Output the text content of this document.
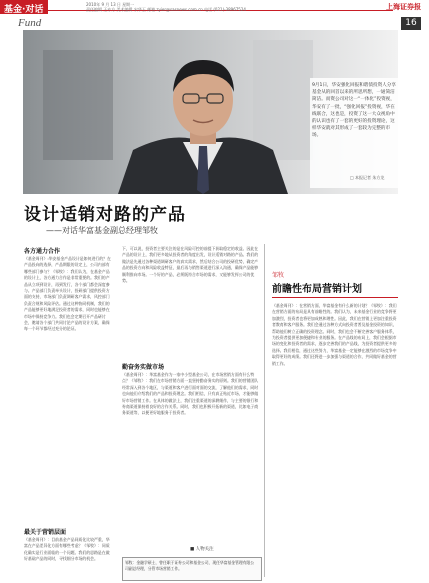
基金·对话
2010年 9 月 13 日 星期一
责任编辑 王亦方 美术编辑 宋华玉 邮箱 zyier@sasnews.com.cn 电话 (021)-38967524	上海证券报
Fund	16
9月1日，华安强化回报和谐债投资人分享基金从的回首以来的所思所想，一通简洁简洁。而资公司对这一“一体化”投资视，华安有了一批，“强化回报”投资视，华在线联合，这也是，投资了这一大众视角中的认识也有了一套的更好的投资理论，这样华安就对其形成了一套较为完整的市场。
□ 本报记者 朱方龙
设计适销对路的产品
——对话华富基金副总经理邹牧
各方通力合作
《基金周刊》:华安基金产品设计是如何进行的？在产品投向的选择，产品期限的设定上，公司内部有哪些部门参与？《邹牧》：我们认为，在基金产品的设计上，各方通力合作是非常重要的。我们的产品从立项到设计，再到发行，各个部门都会深度参与。产品部门负责牵头设计，投研部门提供投资方面的支持，市场部门负责调研客户需求，风控部门负责合规和风险评估。通过这种协同机制，我们的产品能够更好地满足投资者的需求，同时也能够在市场中保持竞争力。我们也会定期召开产品研讨会，邀请各个部门共同讨论产品的设计方案，确保每一个环节都经过充分的论证。
最关于营销层面
《基金周刊》：目前基金产品同质化比较严重，华富在产品差异化方面有哪些考虑？《邹牧》：同质化确实是行业面临的一个问题。我们的思路是在做好基础产品的同时，寻找细分市场的机会。
下，可以说，投资者主要关注的是在风险可控的前提下获取稳定的收益。因此在产品的设计上，我们更多地从投资者的角度出发，设计适销对路的产品。我们的做法是先通过各种渠道调研客户的真实需求，然后结合公司的投研优势，确定产品的投资方向和风险收益特征，最后再与销售渠道进行深入沟通，确保产品能够顺利推向市场。一个好的产品，必须既符合市场的需求，又能够发挥公司的优势。
勤奋务实做市场
《基金周刊》：华富基金作为一家中小型基金公司，在市场营销方面有什么特点？《邹牧》：我们在市场营销方面一直坚持勤奋务实的原则。我们的营销团队经常深入到各个地区，与渠道和客户进行面对面的交流，了解他们的需求，同时也向他们介绍我们的产品和投资理念。我们相信，只有真正贴近市场，才能够做好市场营销工作。在具体的做法上，我们注重渠道的深耕细作，与主要的银行和券商渠道保持着良好的合作关系。同时，我们也积极开拓新的渠道，比如电子商务渠道等，以便更好地服务于投资者。
■ 人物关注
邹牧：金融学硕士，曾任职于证券公司和基金公司，现任华富基金管理有限公司副总经理，分管市场营销工作。
邹牧
前瞻性布局营销计划
《基金周刊》：在营销方面，华富基金有什么新的计划？《邹牧》：我们在营销方面的布局是具有前瞻性的。我们认为，未来基金行业的竞争将更加激烈，投资者也将更加成熟和理性。因此，我们在营销上更加注重投资者教育和客户服务。我们会通过各种方式向投资者普及基金投资的知识，帮助他们树立正确的投资理念。同时，我们也会不断完善客户服务体系，为投资者提供更加便捷和专业的服务。在产品线的布局上，我们会根据市场的变化和投资者的需求，逐步完善我们的产品线，为投资者提供更多的选择。我们相信，通过这些努力，华富基金一定能够在激烈的市场竞争中取得更好的成绩。我们还将进一步加强与渠道的合作，共同做好基金的营销工作。
